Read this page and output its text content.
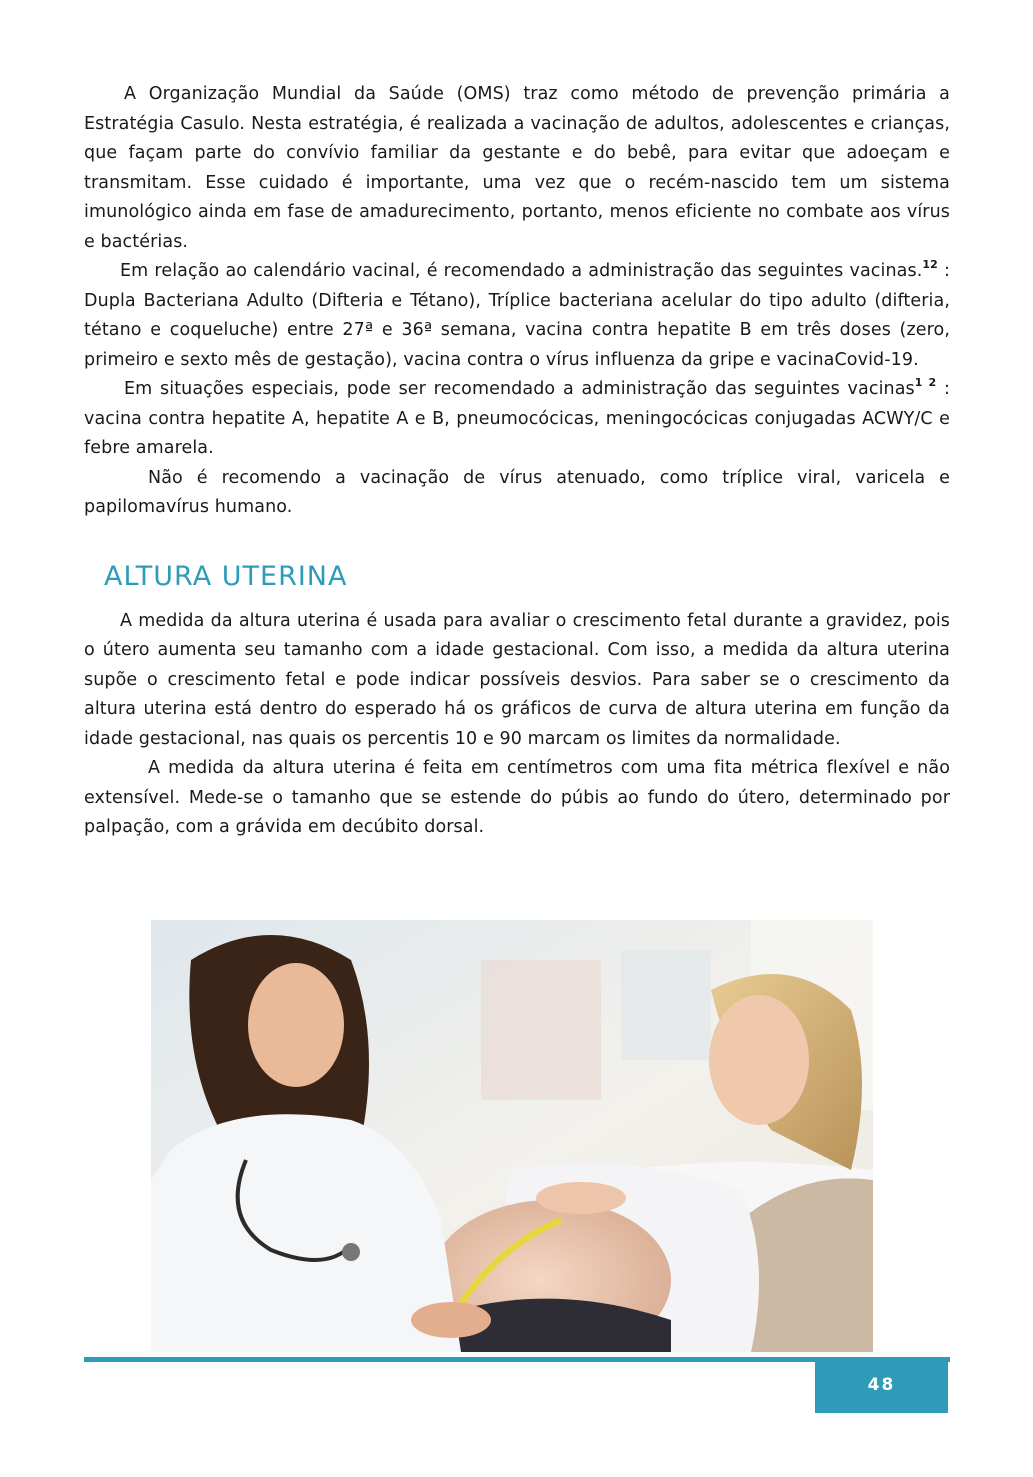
A Organização Mundial da Saúde (OMS) traz como método de prevenção primária a Estratégia Casulo. Nesta estratégia, é realizada a vacinação de adultos, adolescentes e crianças, que façam parte do convívio familiar da gestante e do bebê, para evitar que adoeçam e transmitam. Esse cuidado é importante, uma vez que o recém-nascido tem um sistema imunológico ainda em fase de amadurecimento, portanto, menos eficiente no combate aos vírus e bactérias.

Em relação ao calendário vacinal, é recomendado a administração das seguintes vacinas.$^{12}$ : Dupla Bacteriana Adulto (Difteria e Tétano), Tríplice bacteriana acelular do tipo adulto (difteria, tétano e coqueluche) entre 27ª e 36ª semana, vacina contra hepatite B em três doses (zero, primeiro e sexto mês de gestação), vacina contra o vírus influenza da gripe e vacinaCovid-19.

Em situações especiais, pode ser recomendado a administração das seguintes vacinas$^{1 2}$ : vacina contra hepatite A, hepatite A e B, pneumocócicas, meningocócicas conjugadas ACWY/C e febre amarela.

Não é recomendo a vacinação de vírus atenuado, como tríplice viral, varicela e papilomavírus humano.

ALTURA UTERINA

A medida da altura uterina é usada para avaliar o crescimento fetal durante a gravidez, pois o útero aumenta seu tamanho com a idade gestacional. Com isso, a medida da altura uterina supõe o crescimento fetal e pode indicar possíveis desvios. Para saber se o crescimento da altura uterina está dentro do esperado há os gráficos de curva de altura uterina em função da idade gestacional, nas quais os percentis 10 e 90 marcam os limites da normalidade.

A medida da altura uterina é feita em centímetros com uma fita métrica flexível e não extensível. Mede-se o tamanho que se estende do púbis ao fundo do útero, determinado por palpação, com a grávida em decúbito dorsal.

48
